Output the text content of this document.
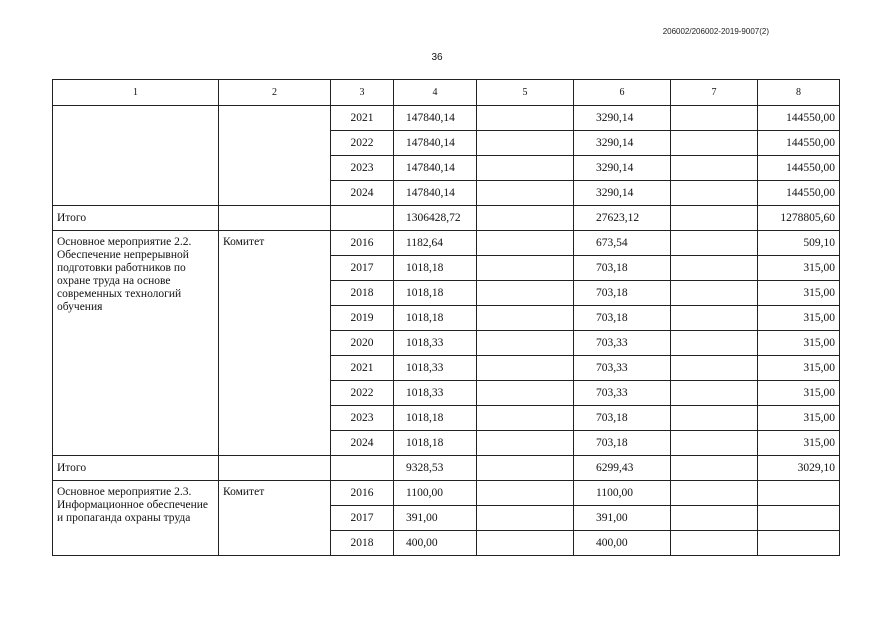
206002/206002-2019-9007(2)
36
1	2	3	4	5	6	7	8
		2021	147840,14		3290,14		144550,00
		2022	147840,14		3290,14		144550,00
		2023	147840,14		3290,14		144550,00
		2024	147840,14		3290,14		144550,00
Итого			1306428,72		27623,12		1278805,60
Основное мероприятие 2.2. Обеспечение непрерывной подготовки работников по охране труда на основе современных технологий обучения	Комитет	2016	1182,64		673,54		509,10
		2017	1018,18		703,18		315,00
		2018	1018,18		703,18		315,00
		2019	1018,18		703,18		315,00
		2020	1018,33		703,33		315,00
		2021	1018,33		703,33		315,00
		2022	1018,33		703,33		315,00
		2023	1018,18		703,18		315,00
		2024	1018,18		703,18		315,00
Итого			9328,53		6299,43		3029,10
Основное мероприятие 2.3. Информационное обеспечение и пропаганда охраны труда	Комитет	2016	1100,00		1100,00		
		2017	391,00		391,00		
		2018	400,00		400,00		
